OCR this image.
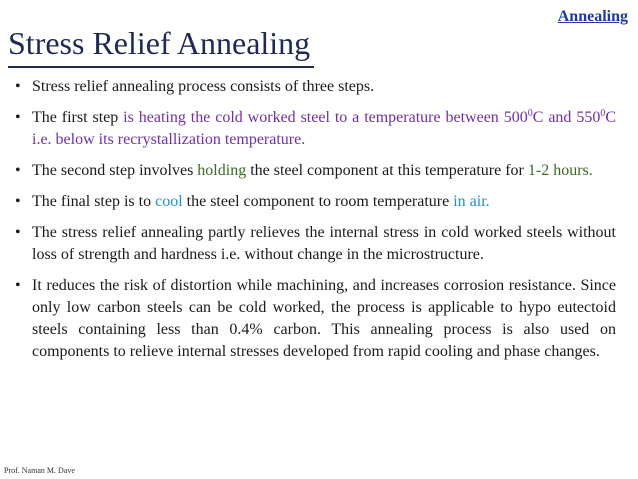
Annealing
Stress Relief Annealing
• Stress relief annealing process consists of three steps.
• The first step is heating the cold worked steel to a temperature between $500^0C$ and $550^0C$ i.e. below its recrystallization temperature.
• The second step involves holding the steel component at this temperature for 1-2 hours.
• The final step is to cool the steel component to room temperature in air.
• The stress relief annealing partly relieves the internal stress in cold worked steels without loss of strength and hardness i.e. without change in the microstructure.
• It reduces the risk of distortion while machining, and increases corrosion resistance. Since only low carbon steels can be cold worked, the process is applicable to hypo eutectoid steels containing less than 0.4% carbon. This annealing process is also used on components to relieve internal stresses developed from rapid cooling and phase changes.
Prof. Naman M. Dave
